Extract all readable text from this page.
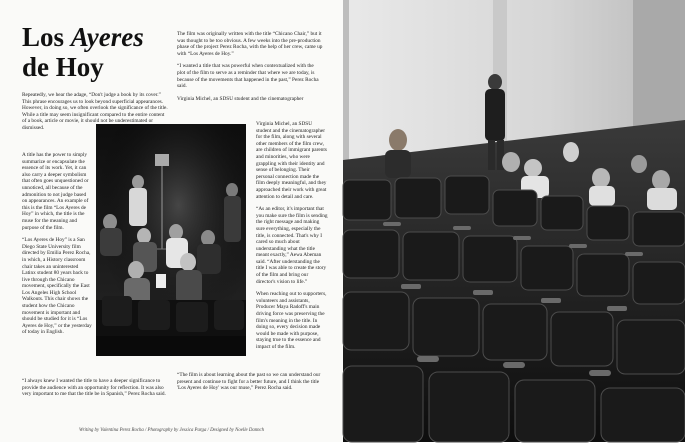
Los Ayeres
de Hoy

Repeatedly, we hear the adage, “Don't judge a book by its cover.” This phrase encourages us to look beyond superficial appearances. However, in doing so, we often overlook the significance of the title. While a title may seem insignificant compared to the entire content of a book, article or movie, it should not be underestimated or dismissed.

A title has the power to simply summarize or encapsulate the essence of its work. Yet, it can also carry a deeper symbolism that often goes unquestioned or unnoticed, all because of the admonition to not judge based on appearances. An example of this is the film “Los Ayeres de Hoy” in which, the title is the muse for the meaning and purpose of the film.

“Los Ayeres de Hoy” is a San Diego State University film directed by Emilia Perez Rocha, in which, a History classroom chair takes an uninterested Latinx student 80 years back to live through the Chicano movement, specifically the East Los Angeles High School Walkouts. This chair shows the student how the Chicano movement is important and should be studied for it is “Los Ayeres de Hoy,” or the yesterday of today in English.

“I always knew I wanted the title to have a deeper significance to provide the audience with an opportunity for reflection. It was also very important to me that the title be in Spanish,” Perez Rocha said.

The film was originally written with the title “Chicano Chair,” but it was thought to be too obvious. A few weeks into the pre-production phase of the project Perez Rocha, with the help of her crew, came up with “Los Ayeres de Hoy.”

“I wanted a title that was powerful when contextualized with the plot of the film to serve as a reminder that where we are today, is because of the movements that happened in the past,” Perez Rocha said.

Virginia Michel, an SDSU student and the cinematographer

Virginia Michel, an SDSU student and the cinematographer for the film, along with several other members of the film crew, are children of immigrant parents and minorities, who were grappling with their identity and sense of belonging. Their personal connection made the film deeply meaningful, and they approached their work with great attention to detail and care.

“As an editor, it's important that you make sure the film is sending the right message and making sure everything, especially the title, is connected. That's why I cared so much about understanding what the title meant exactly,” Aewa Abeman said. “After understanding the title I was able to create the story of the film and bring our director's vision to life.”

When reaching out to supporters, volunteers and assistants, Producer Maya Radoff's main driving force was preserving the film's meaning in the title. In doing so, every decision made would be made with purpose, staying true to the essence and impact of the film.

“The film is about learning about the past so we can understand our present and continue to fight for a better future, and I think the title 'Los Ayeres de Hoy' was our muse,” Perez Rocha said.

Writing by Valentina Perez Rocha / Photography by Jessica Parga / Designed by Noelle Dannch
